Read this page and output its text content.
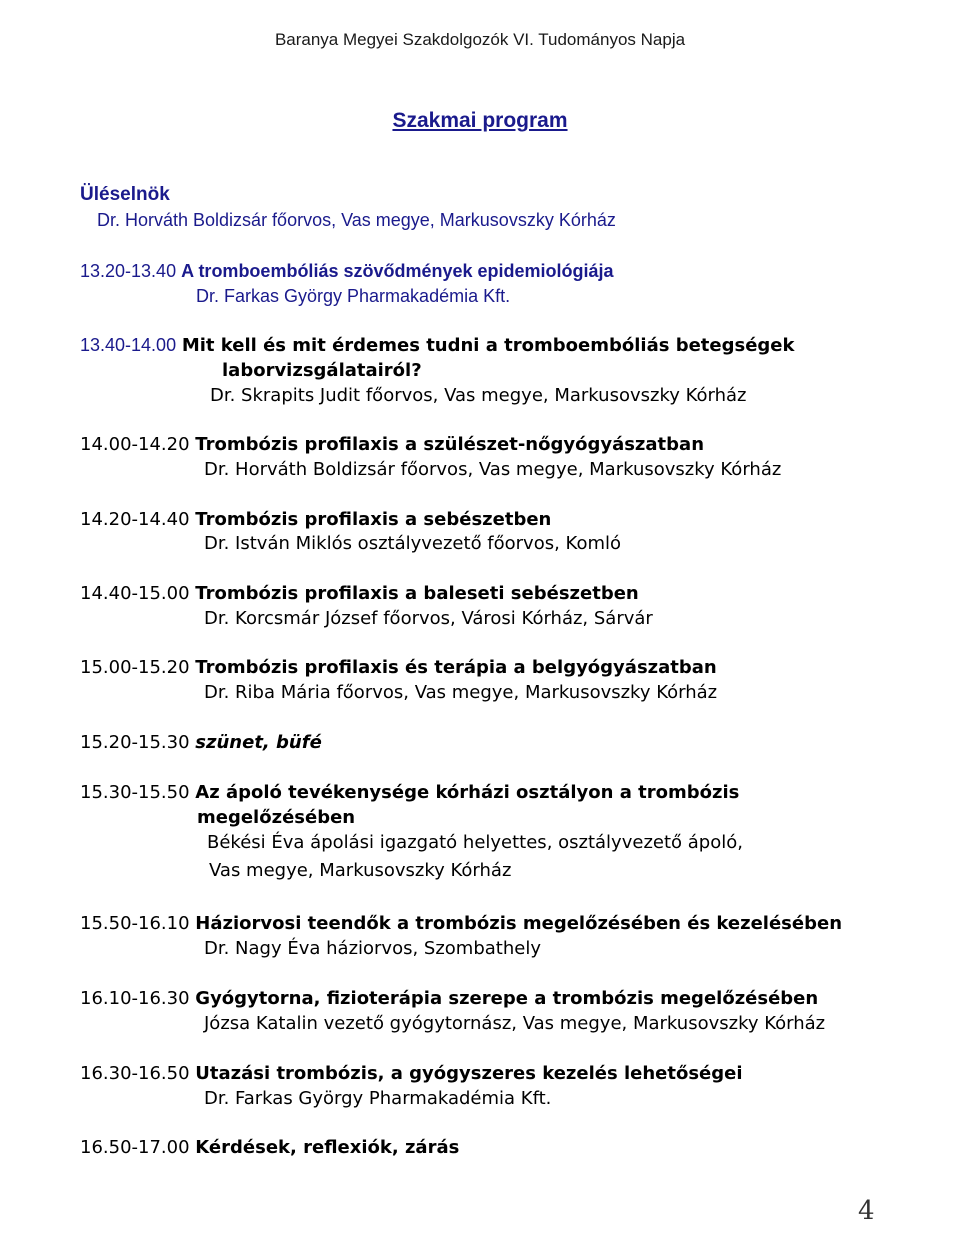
Baranya Megyei Szakdolgozók VI. Tudományos Napja
Szakmai program
Üléselnök
Dr. Horváth Boldizsár főorvos, Vas megye, Markusovszky Kórház
13.20-13.40 A tromboembóliás szövődmények epidemiológiája
Dr. Farkas György Pharmakadémia Kft.
13.40-14.00 Mit kell és mit érdemes tudni a tromboembóliás betegségek
laborvizsgálatairól?
Dr. Skrapits Judit főorvos, Vas megye, Markusovszky Kórház
14.00-14.20 Trombózis profilaxis a szülészet-nőgyógyászatban
Dr. Horváth Boldizsár főorvos, Vas megye, Markusovszky Kórház
14.20-14.40 Trombózis profilaxis a sebészetben
Dr. István Miklós osztályvezető főorvos, Komló
14.40-15.00 Trombózis profilaxis a baleseti sebészetben
Dr. Korcsmár József főorvos, Városi Kórház, Sárvár
15.00-15.20 Trombózis profilaxis és terápia a belgyógyászatban
Dr. Riba Mária főorvos, Vas megye, Markusovszky Kórház
15.20-15.30 szünet, büfé
15.30-15.50 Az ápoló tevékenysége kórházi osztályon a trombózis
megelőzésében
Békési Éva ápolási igazgató helyettes, osztályvezető ápoló,
Vas megye, Markusovszky Kórház
15.50-16.10 Háziorvosi teendők a trombózis megelőzésében és kezelésében
Dr. Nagy Éva háziorvos, Szombathely
16.10-16.30 Gyógytorna, fizioterápia szerepe a trombózis megelőzésében
Józsa Katalin vezető gyógytornász, Vas megye, Markusovszky Kórház
16.30-16.50 Utazási trombózis, a gyógyszeres kezelés lehetőségei
Dr. Farkas György Pharmakadémia Kft.
16.50-17.00 Kérdések, reflexiók, zárás
4
